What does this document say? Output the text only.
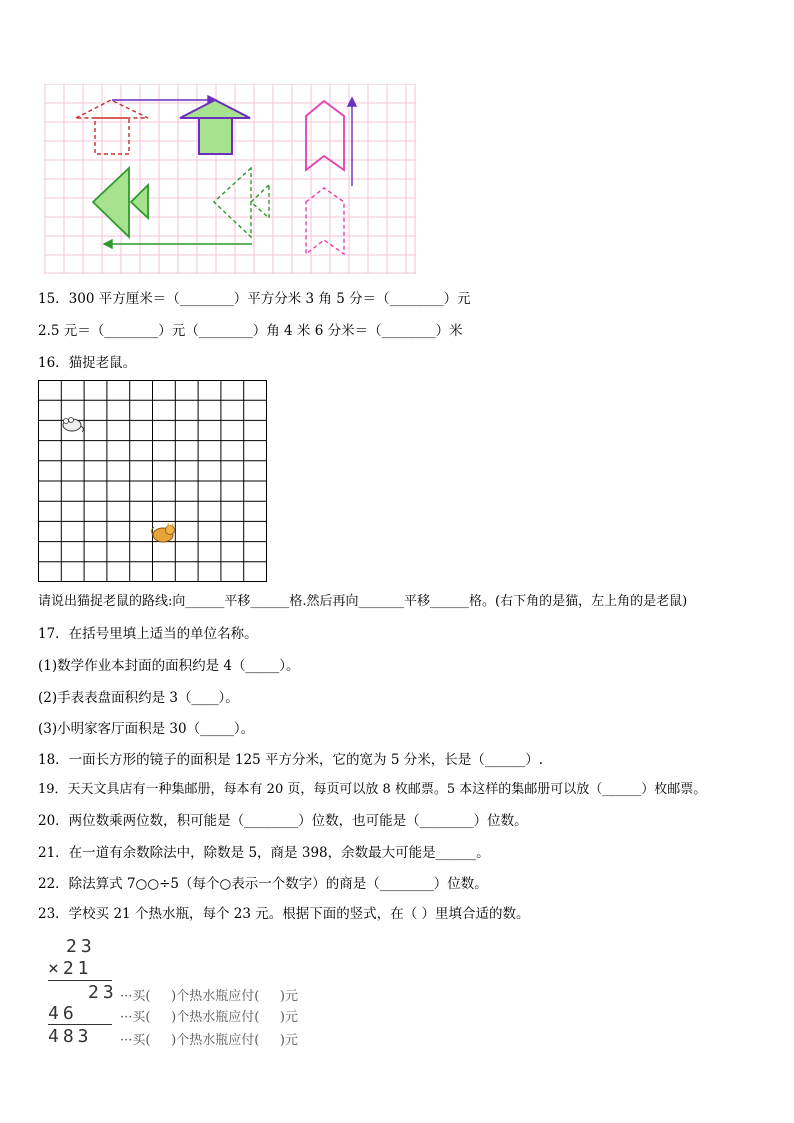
15．300 平方厘米＝（________）平方分米 3 角 5 分＝（________）元
2.5 元＝（________）元（________）角 4 米 6 分米＝（________）米
16．猫捉老鼠。
请说出猫捉老鼠的路线:向______平移______格.然后再向_______平移______格。(右下角的是猫，左上角的是老鼠)
17．在括号里填上适当的单位名称。
(1)数学作业本封面的面积约是 4（_____）。
(2)手表表盘面积约是 3（____）。
(3)小明家客厅面积是 30（_____）。
18．一面长方形的镜子的面积是 125 平方分米，它的宽为 5 分米，长是（______）.
19．天天文具店有一种集邮册，每本有 20 页，每页可以放 8 枚邮票。5 本这样的集邮册可以放（______）枚邮票。
20．两位数乘两位数，积可能是（________）位数，也可能是（________）位数。
21．在一道有余数除法中，除数是 5，商是 398，余数最大可能是______。
22．除法算式 7○○÷5（每个○表示一个数字）的商是（________）位数。
23．学校买 21 个热水瓶，每个 23 元。根据下面的竖式，在（ ）里填合适的数。
23
×21
23 ···买(     )个热水瓶应付(     )元
46	···买(     )个热水瓶应付(     )元
483 ···买(     )个热水瓶应付(     )元
